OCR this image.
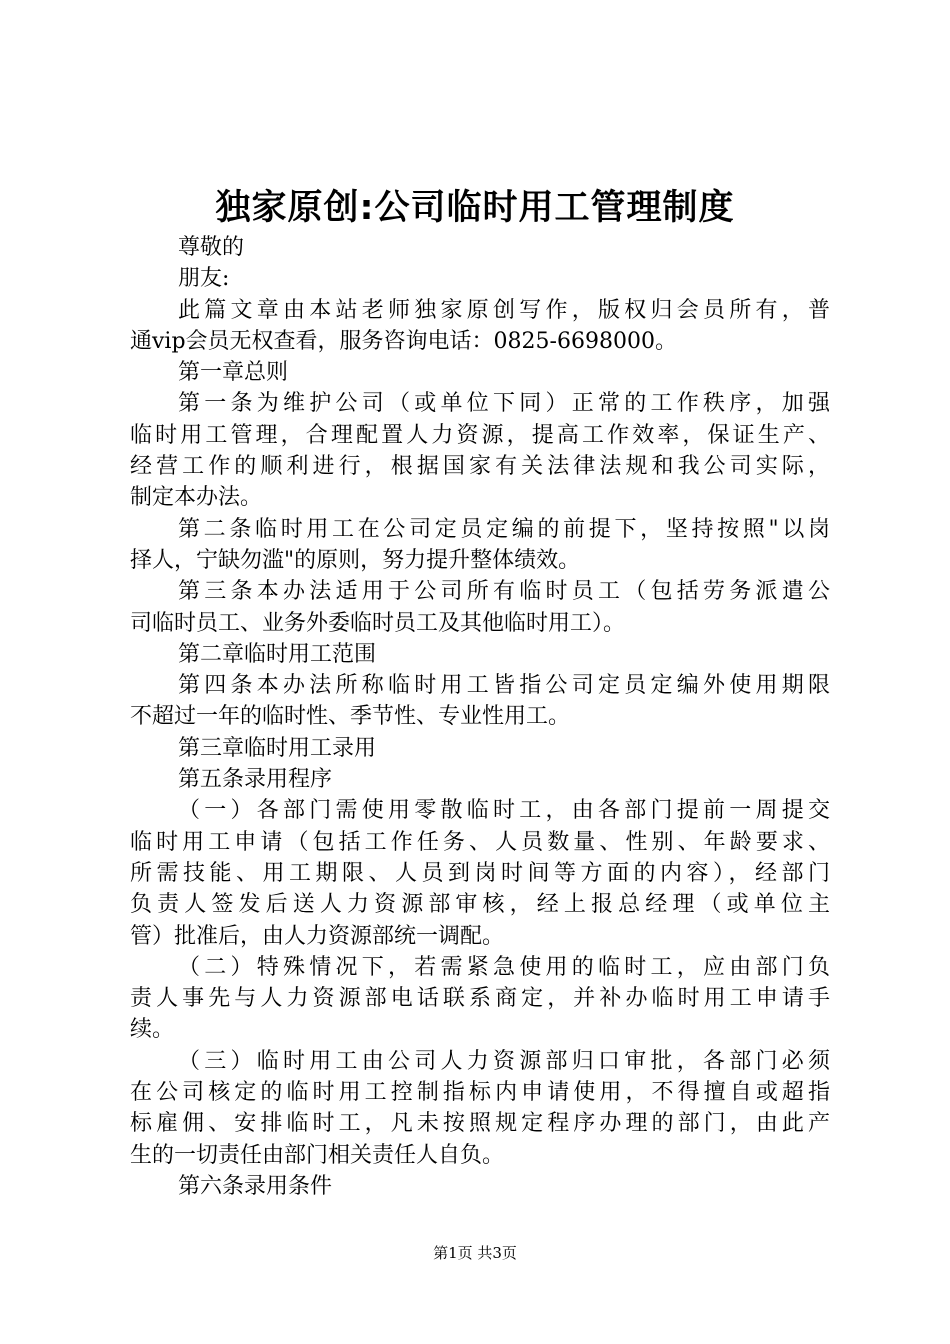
独家原创:公司临时用工管理制度
尊敬的
朋友:
此篇文章由本站老师独家原创写作，版权归会员所有，普
通vip会员无权查看，服务咨询电话：0825-6698000。
第一章总则
第一条为维护公司（或单位下同）正常的工作秩序，加强
临时用工管理，合理配置人力资源，提高工作效率，保证生产、
经营工作的顺利进行，根据国家有关法律法规和我公司实际，
制定本办法。
第二条临时用工在公司定员定编的前提下，坚持按照"以岗
择人，宁缺勿滥"的原则，努力提升整体绩效。
第三条本办法适用于公司所有临时员工（包括劳务派遣公
司临时员工、业务外委临时员工及其他临时用工）。
第二章临时用工范围
第四条本办法所称临时用工皆指公司定员定编外使用期限
不超过一年的临时性、季节性、专业性用工。
第三章临时用工录用
第五条录用程序
（一）各部门需使用零散临时工，由各部门提前一周提交
临时用工申请（包括工作任务、人员数量、性别、年龄要求、
所需技能、用工期限、人员到岗时间等方面的内容），经部门
负责人签发后送人力资源部审核，经上报总经理（或单位主
管）批准后，由人力资源部统一调配。
（二）特殊情况下，若需紧急使用的临时工，应由部门负
责人事先与人力资源部电话联系商定，并补办临时用工申请手
续。
（三）临时用工由公司人力资源部归口审批，各部门必须
在公司核定的临时用工控制指标内申请使用，不得擅自或超指
标雇佣、安排临时工，凡未按照规定程序办理的部门，由此产
生的一切责任由部门相关责任人自负。
第六条录用条件
第1页 共3页
